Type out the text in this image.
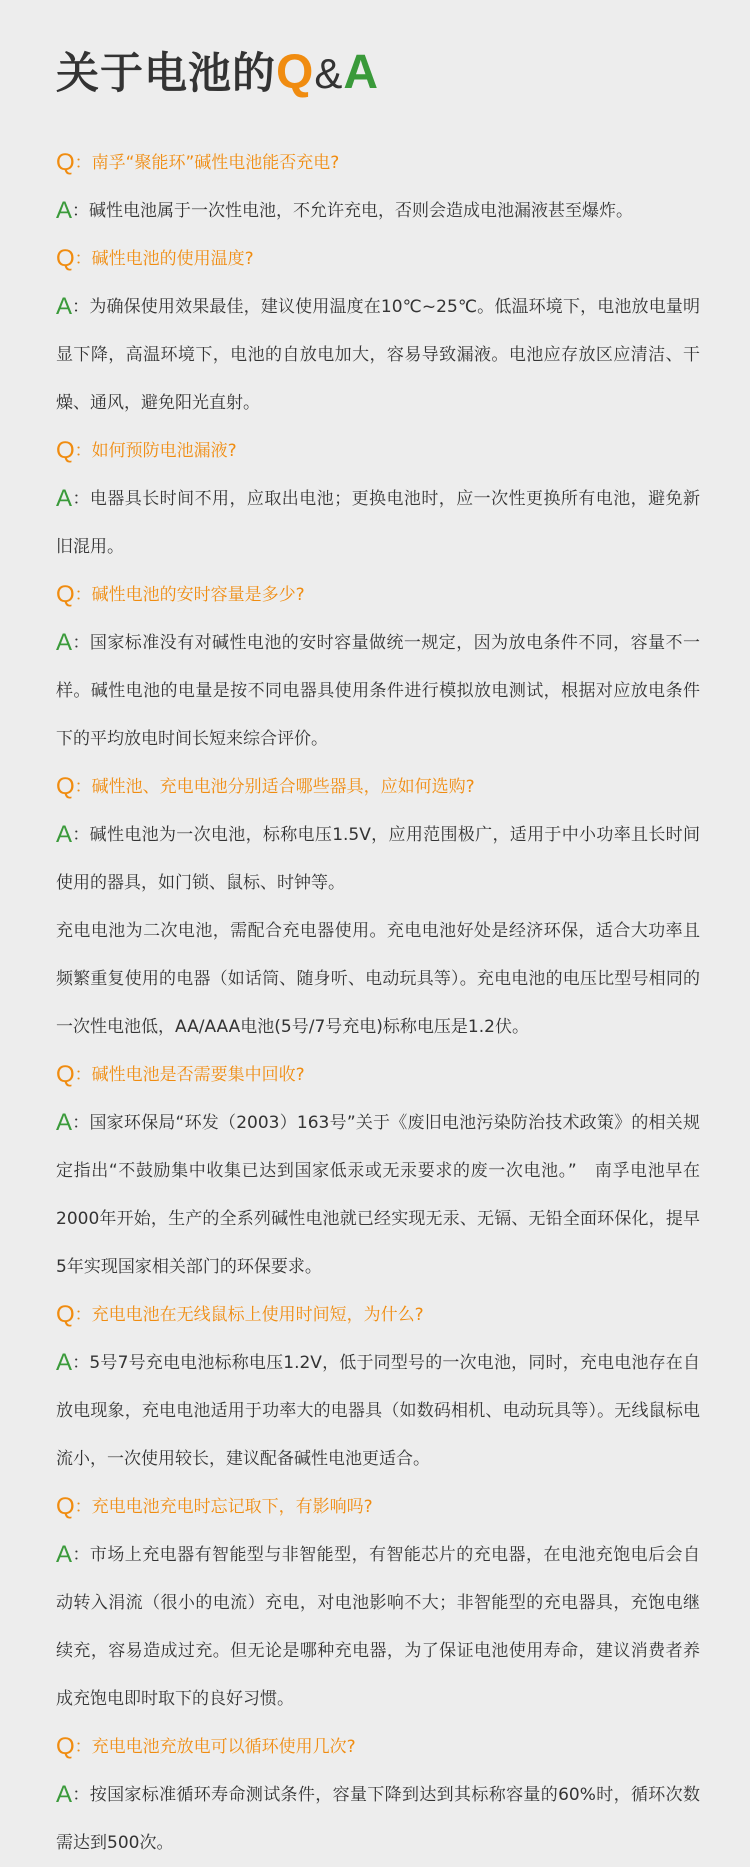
关于电池的Q&A
Q：南孚“聚能环”碱性电池能否充电?
A：碱性电池属于一次性电池，不允许充电，否则会造成电池漏液甚至爆炸。
Q：碱性电池的使用温度?
A：为确保使用效果最佳，建议使用温度在10℃~25℃。低温环境下，电池放电量明显下降，高温环境下，电池的自放电加大，容易导致漏液。电池应存放区应清洁、干燥、通风，避免阳光直射。
Q：如何预防电池漏液?
A：电器具长时间不用，应取出电池；更换电池时，应一次性更换所有电池，避免新旧混用。
Q：碱性电池的安时容量是多少?
A：国家标准没有对碱性电池的安时容量做统一规定，因为放电条件不同，容量不一样。碱性电池的电量是按不同电器具使用条件进行模拟放电测试，根据对应放电条件下的平均放电时间长短来综合评价。
Q：碱性池、充电电池分别适合哪些器具，应如何选购?
A：碱性电池为一次电池，标称电压1.5V，应用范围极广，适用于中小功率且长时间使用的器具，如门锁、鼠标、时钟等。
充电电池为二次电池，需配合充电器使用。充电电池好处是经济环保，适合大功率且频繁重复使用的电器（如话筒、随身听、电动玩具等）。充电电池的电压比型号相同的一次性电池低，AA/AAA电池(5号/7号充电)标称电压是1.2伏。
Q：碱性电池是否需要集中回收?
A：国家环保局“环发（2003）163号”关于《废旧电池污染防治技术政策》的相关规定指出“不鼓励集中收集已达到国家低汞或无汞要求的废一次电池。”　南孚电池早在2000年开始，生产的全系列碱性电池就已经实现无汞、无镉、无铅全面环保化，提早5年实现国家相关部门的环保要求。
Q：充电电池在无线鼠标上使用时间短，为什么?
A：5号7号充电电池标称电压1.2V，低于同型号的一次电池，同时，充电电池存在自放电现象，充电电池适用于功率大的电器具（如数码相机、电动玩具等）。无线鼠标电流小，一次使用较长，建议配备碱性电池更适合。
Q：充电电池充电时忘记取下，有影响吗?
A：市场上充电器有智能型与非智能型，有智能芯片的充电器，在电池充饱电后会自动转入涓流（很小的电流）充电，对电池影响不大；非智能型的充电器具，充饱电继续充，容易造成过充。但无论是哪种充电器，为了保证电池使用寿命，建议消费者养成充饱电即时取下的良好习惯。
Q：充电电池充放电可以循环使用几次?
A：按国家标准循环寿命测试条件，容量下降到达到其标称容量的60%时，循环次数需达到500次。
